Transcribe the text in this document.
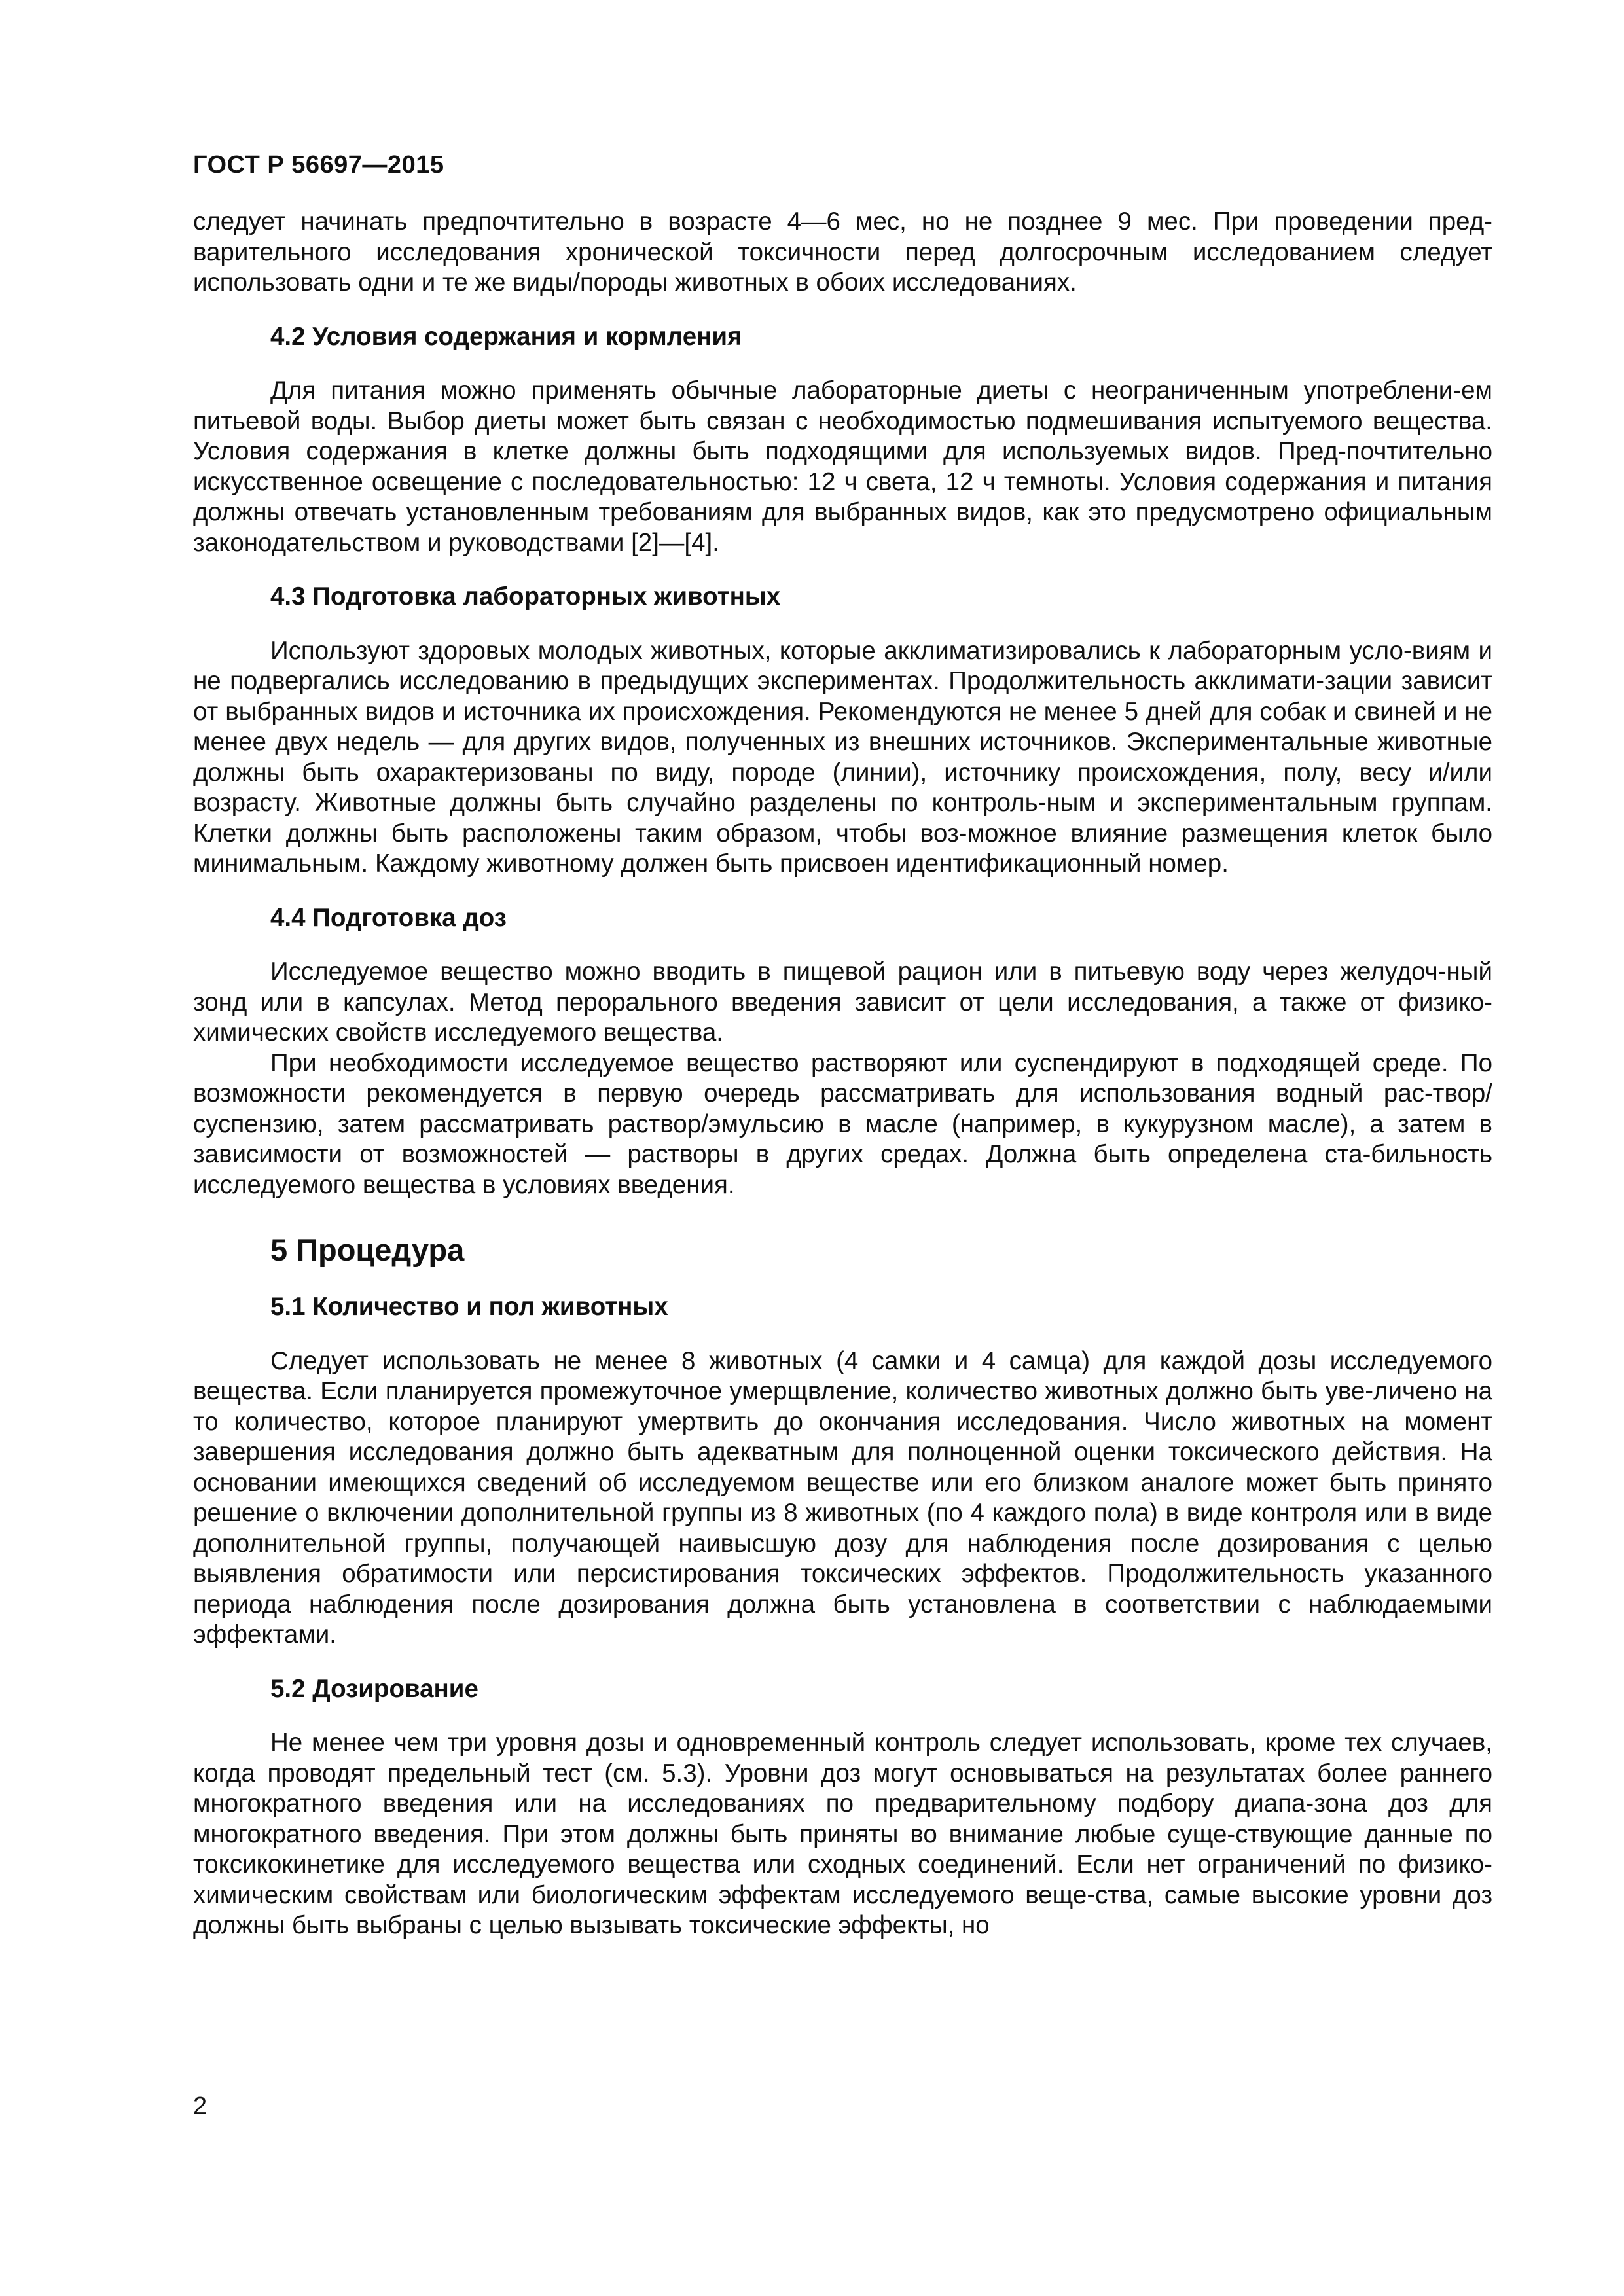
ГОСТ Р 56697—2015

следует начинать предпочтительно в возрасте 4—6 мес, но не позднее 9 мес. При проведении пред-варительного исследования хронической токсичности перед долгосрочным исследованием следует использовать одни и те же виды/породы животных в обоих исследованиях.

4.2 Условия содержания и кормления

Для питания можно применять обычные лабораторные диеты с неограниченным употреблени-ем питьевой воды. Выбор диеты может быть связан с необходимостью подмешивания испытуемого вещества. Условия содержания в клетке должны быть подходящими для используемых видов. Пред-почтительно искусственное освещение с последовательностью: 12 ч света, 12 ч темноты. Условия содержания и питания должны отвечать установленным требованиям для выбранных видов, как это предусмотрено официальным законодательством и руководствами [2]—[4].

4.3 Подготовка лабораторных животных

Используют здоровых молодых животных, которые акклиматизировались к лабораторным усло-виям и не подвергались исследованию в предыдущих экспериментах. Продолжительность акклимати-зации зависит от выбранных видов и источника их происхождения. Рекомендуются не менее 5 дней для собак и свиней и не менее двух недель — для других видов, полученных из внешних источников. Экспериментальные животные должны быть охарактеризованы по виду, породе (линии), источнику происхождения, полу, весу и/или возрасту. Животные должны быть случайно разделены по контроль-ным и экспериментальным группам. Клетки должны быть расположены таким образом, чтобы воз-можное влияние размещения клеток было минимальным. Каждому животному должен быть присвоен идентификационный номер.

4.4 Подготовка доз

Исследуемое вещество можно вводить в пищевой рацион или в питьевую воду через желудоч-ный зонд или в капсулах. Метод перорального введения зависит от цели исследования, а также от физико-химических свойств исследуемого вещества.

При необходимости исследуемое вещество растворяют или суспендируют в подходящей среде. По возможности рекомендуется в первую очередь рассматривать для использования водный рас-твор/суспензию, затем рассматривать раствор/эмульсию в масле (например, в кукурузном масле), а затем в зависимости от возможностей — растворы в других средах. Должна быть определена ста-бильность исследуемого вещества в условиях введения.

5 Процедура
5.1 Количество и пол животных

Следует использовать не менее 8 животных (4 самки и 4 самца) для каждой дозы исследуемого вещества. Если планируется промежуточное умерщвление, количество животных должно быть уве-личено на то количество, которое планируют умертвить до окончания исследования. Число животных на момент завершения исследования должно быть адекватным для полноценной оценки токсического действия. На основании имеющихся сведений об исследуемом веществе или его близком аналоге может быть принято решение о включении дополнительной группы из 8 животных (по 4 каждого пола) в виде контроля или в виде дополнительной группы, получающей наивысшую дозу для наблюдения после дозирования с целью выявления обратимости или персистирования токсических эффектов. Продолжительность указанного периода наблюдения после дозирования должна быть установлена в соответствии с наблюдаемыми эффектами.

5.2 Дозирование

Не менее чем три уровня дозы и одновременный контроль следует использовать, кроме тех случаев, когда проводят предельный тест (см. 5.3). Уровни доз могут основываться на результатах более раннего многократного введения или на исследованиях по предварительному подбору диапа-зона доз для многократного введения. При этом должны быть приняты во внимание любые суще-ствующие данные по токсикокинетике для исследуемого вещества или сходных соединений. Если нет ограничений по физико-химическим свойствам или биологическим эффектам исследуемого веще-ства, самые высокие уровни доз должны быть выбраны с целью вызывать токсические эффекты, но

2
